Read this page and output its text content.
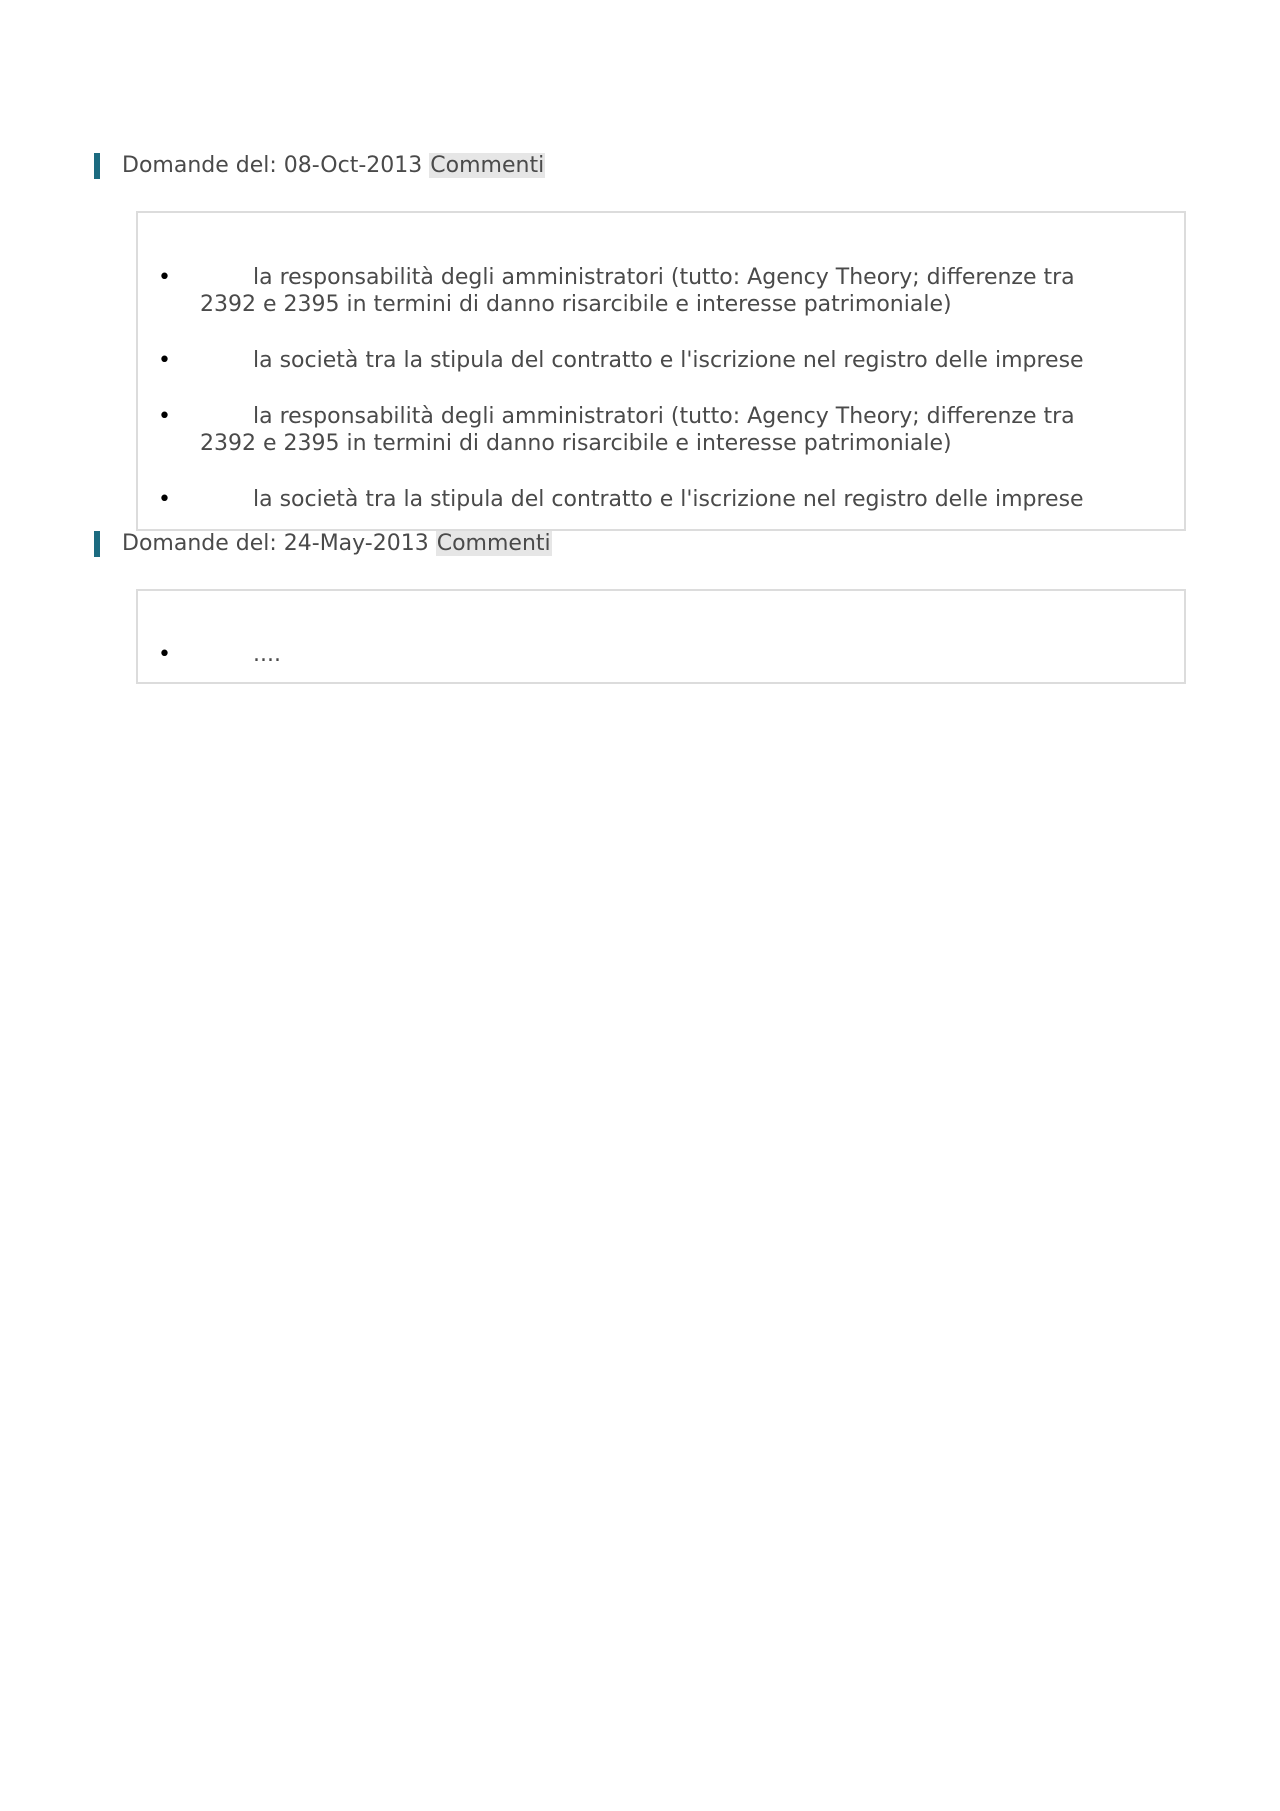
Domande del: 08-Oct-2013 Commenti
•	la responsabilità degli amministratori (tutto: Agency Theory; differenze tra 2392 e 2395 in termini di danno risarcibile e interesse patrimoniale)
•	la società tra la stipula del contratto e l'iscrizione nel registro delle imprese
•	la responsabilità degli amministratori (tutto: Agency Theory; differenze tra 2392 e 2395 in termini di danno risarcibile e interesse patrimoniale)
•	la società tra la stipula del contratto e l'iscrizione nel registro delle imprese
Domande del: 24-May-2013 Commenti
•	....
